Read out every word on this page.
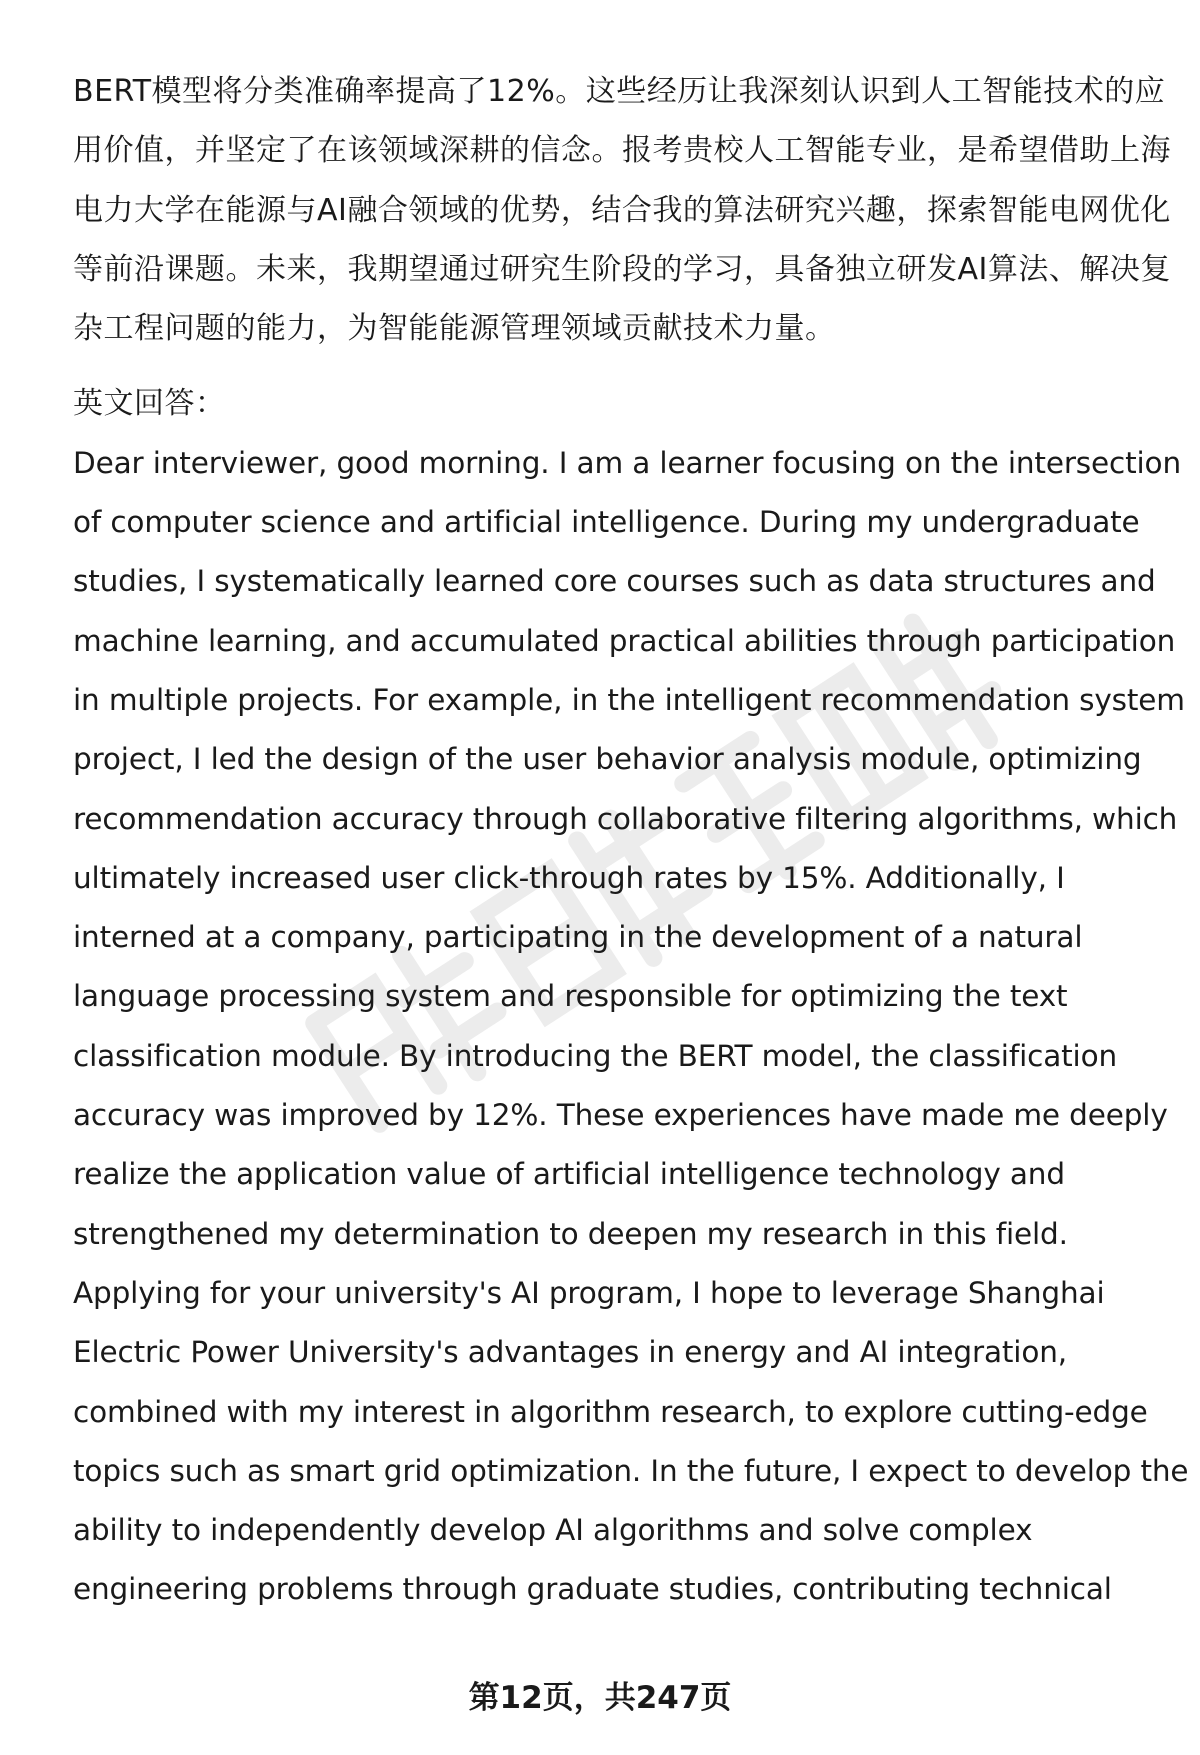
BERT模型将分类准确率提高了12%。这些经历让我深刻认识到人工智能技术的应
用价值，并坚定了在该领域深耕的信念。报考贵校人工智能专业，是希望借助上海
电力大学在能源与AI融合领域的优势，结合我的算法研究兴趣，探索智能电网优化
等前沿课题。未来，我期望通过研究生阶段的学习，具备独立研发AI算法、解决复
杂工程问题的能力，为智能能源管理领域贡献技术力量。
英文回答：
Dear interviewer, good morning. I am a learner focusing on the intersection
of computer science and artificial intelligence. During my undergraduate
studies, I systematically learned core courses such as data structures and
machine learning, and accumulated practical abilities through participation
in multiple projects. For example, in the intelligent recommendation system
project, I led the design of the user behavior analysis module, optimizing
recommendation accuracy through collaborative filtering algorithms, which
ultimately increased user click-through rates by 15%. Additionally, I
interned at a company, participating in the development of a natural
language processing system and responsible for optimizing the text
classification module. By introducing the BERT model, the classification
accuracy was improved by 12%. These experiences have made me deeply
realize the application value of artificial intelligence technology and
strengthened my determination to deepen my research in this field.
Applying for your university's AI program, I hope to leverage Shanghai
Electric Power University's advantages in energy and AI integration,
combined with my interest in algorithm research, to explore cutting-edge
topics such as smart grid optimization. In the future, I expect to develop the
ability to independently develop AI algorithms and solve complex
engineering problems through graduate studies, contributing technical
第12页，共247页
